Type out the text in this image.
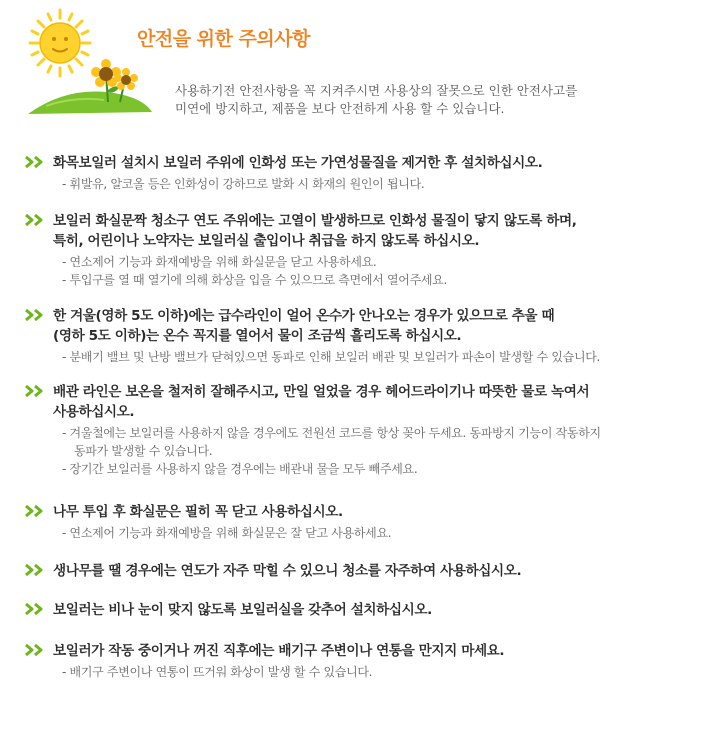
안전을 위한 주의사항
사용하기전 안전사항을 꼭 지켜주시면 사용상의 잘못으로 인한 안전사고를
미연에 방지하고, 제품을 보다 안전하게 사용 할 수 있습니다.
화목보일러 설치시 보일러 주위에 인화성 또는 가연성물질을 제거한 후 설치하십시오.
- 휘발유, 알코올 등은 인화성이 강하므로 발화 시 화재의 원인이 됩니다.
보일러 화실문짝 청소구 연도 주위에는 고열이 발생하므로 인화성 물질이 닿지 않도록 하며,
특히, 어린이나 노약자는 보일러실 출입이나 취급을 하지 않도록 하십시오.
- 연소제어 기능과 화재예방을 위해 화실문을 닫고 사용하세요.
- 투입구를 열 때 열기에 의해 화상을 입을 수 있으므로 측면에서 열어주세요.
한 겨울(영하 5도 이하)에는 급수라인이 얼어 온수가 안나오는 경우가 있으므로 추울 때
(영하 5도 이하)는 온수 꼭지를 열어서 물이 조금씩 흘리도록 하십시오.
- 분배기 밸브 및 난방 밸브가 닫혀있으면 동파로 인해 보일러 배관 및 보일러가 파손이 발생할 수 있습니다.
배관 라인은 보온을 철저히 잘해주시고, 만일 얼었을 경우 헤어드라이기나 따뜻한 물로 녹여서
사용하십시오.
- 겨울철에는 보일러를 사용하지 않을 경우에도 전원선 코드를 항상 꽂아 두세요. 동파방지 기능이 작동하지
동파가 발생할 수 있습니다.
- 장기간 보일러를 사용하지 않을 경우에는 배관내 물을 모두 빼주세요.
나무 투입 후 화실문은 필히 꼭 닫고 사용하십시오.
- 연소제어 기능과 화재예방을 위해 화실문은 잘 닫고 사용하세요.
생나무를 땔 경우에는 연도가 자주 막힐 수 있으니 청소를 자주하여 사용하십시오.
보일러는 비나 눈이 맞지 않도록 보일러실을 갖추어 설치하십시오.
보일러가 작동 중이거나 꺼진 직후에는 배기구 주변이나 연통을 만지지 마세요.
- 배기구 주변이나 연통이 뜨거워 화상이 발생 할 수 있습니다.
